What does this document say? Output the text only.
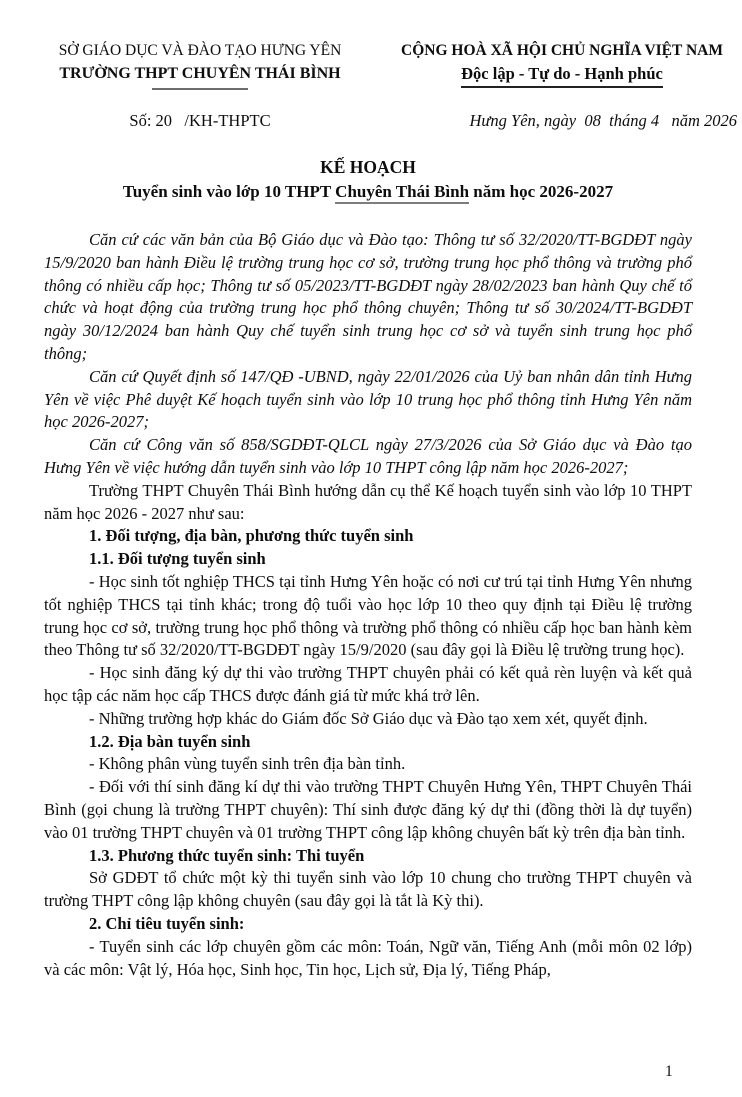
SỞ GIÁO DỤC VÀ ĐÀO TẠO HƯNG YÊN
TRƯỜNG THPT CHUYÊN THÁI BÌNH
CỘNG HOÀ XÃ HỘI CHỦ NGHĨA VIỆT NAM
Độc lập - Tự do - Hạnh phúc
Số: 20   /KH-THPTC	Hưng Yên, ngày  08  tháng 4   năm 2026
KẾ HOẠCH
Tuyển sinh vào lớp 10 THPT Chuyên Thái Bình năm học 2026-2027

Căn cứ các văn bản của Bộ Giáo dục và Đào tạo: Thông tư số 32/2020/TT-BGDĐT ngày 15/9/2020 ban hành Điều lệ trường trung học cơ sở, trường trung học phổ thông và trường phổ thông có nhiều cấp học; Thông tư số 05/2023/TT-BGDĐT ngày 28/02/2023 ban hành Quy chế tổ chức và hoạt động của trường trung học phổ thông chuyên; Thông tư số 30/2024/TT-BGDĐT ngày 30/12/2024 ban hành Quy chế tuyển sinh trung học cơ sở và tuyển sinh trung học phổ thông;

Căn cứ Quyết định số 147/QĐ -UBND, ngày 22/01/2026 của Uỷ ban nhân dân tỉnh Hưng Yên về việc Phê duyệt Kế hoạch tuyển sinh vào lớp 10 trung học phổ thông tỉnh Hưng Yên năm học 2026-2027;

Căn cứ Công văn số 858/SGDĐT-QLCL ngày 27/3/2026 của Sở Giáo dục và Đào tạo Hưng Yên về việc hướng dẫn tuyển sinh vào lớp 10 THPT công lập năm học 2026-2027;

Trường THPT Chuyên Thái Bình hướng dẫn cụ thể Kế hoạch tuyển sinh vào lớp 10 THPT năm học 2026 - 2027 như sau:

1. Đối tượng, địa bàn, phương thức tuyển sinh

1.1. Đối tượng tuyển sinh

- Học sinh tốt nghiệp THCS tại tỉnh Hưng Yên hoặc có nơi cư trú tại tỉnh Hưng Yên nhưng tốt nghiệp THCS tại tỉnh khác; trong độ tuổi vào học lớp 10 theo quy định tại Điều lệ trường trung học cơ sở, trường trung học phổ thông và trường phổ thông có nhiều cấp học ban hành kèm theo Thông tư số 32/2020/TT-BGDĐT ngày 15/9/2020 (sau đây gọi là Điều lệ trường trung học).

- Học sinh đăng ký dự thi vào trường THPT chuyên phải có kết quả rèn luyện và kết quả học tập các năm học cấp THCS được đánh giá từ mức khá trở lên.

- Những trường hợp khác do Giám đốc Sở Giáo dục và Đào tạo xem xét, quyết định.

1.2. Địa bàn tuyển sinh

- Không phân vùng tuyển sinh trên địa bàn tỉnh.

- Đối với thí sinh đăng kí dự thi vào trường THPT Chuyên Hưng Yên, THPT Chuyên Thái Bình (gọi chung là trường THPT chuyên): Thí sinh được đăng ký dự thi (đồng thời là dự tuyển) vào 01 trường THPT chuyên và 01 trường THPT công lập không chuyên bất kỳ trên địa bàn tỉnh.

1.3. Phương thức tuyển sinh: Thi tuyển

Sở GDĐT tổ chức một kỳ thi tuyển sinh vào lớp 10 chung cho trường THPT chuyên và trường THPT công lập không chuyên (sau đây gọi là tắt là Kỳ thi).

2. Chỉ tiêu tuyển sinh:

- Tuyển sinh các lớp chuyên gồm các môn: Toán, Ngữ văn, Tiếng Anh (mỗi môn 02 lớp) và các môn: Vật lý, Hóa học, Sinh học, Tin học, Lịch sử, Địa lý, Tiếng Pháp,

1
